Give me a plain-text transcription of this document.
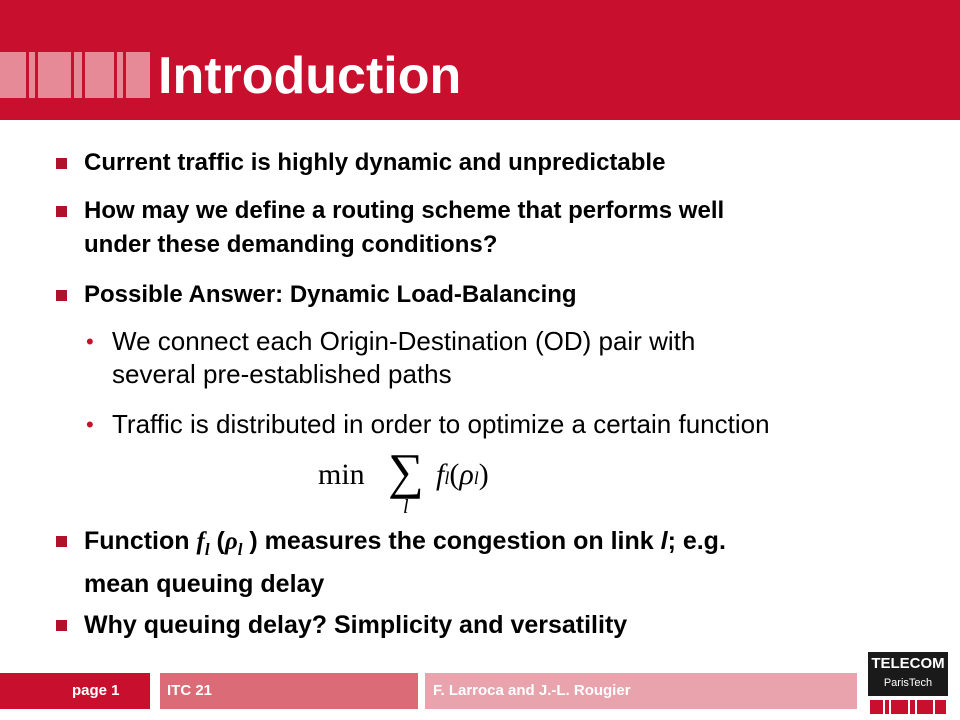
Introduction
Current traffic is highly dynamic and unpredictable
How may we define a routing scheme that performs well
under these demanding conditions?
Possible Answer: Dynamic Load-Balancing
• We connect each Origin-Destination (OD) pair with
several pre-established paths
• Traffic is distributed in order to optimize a certain function
min ∑
l
fl(ρl)
Function $f_l$ ($\rho_l$ ) measures the congestion on link l; e.g.
mean queuing delay
Why queuing delay? Simplicity and versatility
page 1	ITC 21	F. Larroca and J.-L. Rougier
TELECOM
ParisTech
